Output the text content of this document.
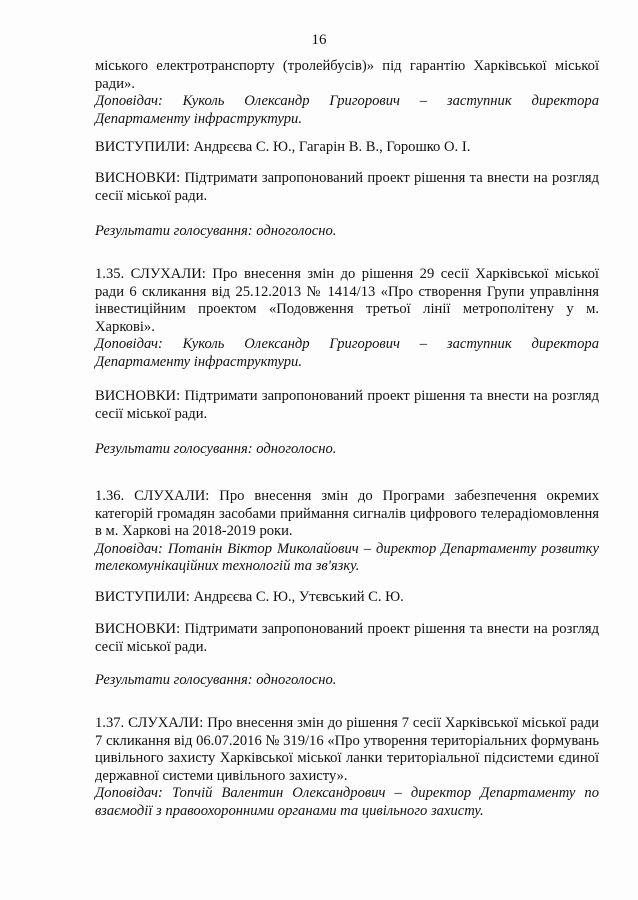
16

міського електротранспорту (тролейбусів)» під гарантію Харківської міської ради».

Доповідач: Куколь Олександр Григорович – заступник директора Департаменту інфраструктури.

ВИСТУПИЛИ: Андрєєва С. Ю., Гагарін В. В., Горошко О. І.

ВИСНОВКИ: Підтримати запропонований проект рішення та внести на розгляд сесії міської ради.

Результати голосування: одноголосно.

1.35. СЛУХАЛИ: Про внесення змін до рішення 29 сесії Харківської міської ради 6 скликання від 25.12.2013 № 1414/13 «Про створення Групи управління інвестиційним проектом «Подовження третьої лінії метрополітену у м. Харкові».

Доповідач: Куколь Олександр Григорович – заступник директора Департаменту інфраструктури.

ВИСНОВКИ: Підтримати запропонований проект рішення та внести на розгляд сесії міської ради.

Результати голосування: одноголосно.

1.36. СЛУХАЛИ: Про внесення змін до Програми забезпечення окремих категорій громадян засобами приймання сигналів цифрового телерадіомовлення в м. Харкові на 2018-2019 роки.

Доповідач: Потанін Віктор Миколайович – директор Департаменту розвитку телекомунікаційних технологій та зв'язку.

ВИСТУПИЛИ: Андрєєва С. Ю., Утєвський С. Ю.

ВИСНОВКИ: Підтримати запропонований проект рішення та внести на розгляд сесії міської ради.

Результати голосування: одноголосно.

1.37. СЛУХАЛИ: Про внесення змін до рішення 7 сесії Харківської міської ради 7 скликання від 06.07.2016 № 319/16 «Про утворення територіальних формувань цивільного захисту Харківської міської ланки територіальної підсистеми єдиної державної системи цивільного захисту».

Доповідач: Топчій Валентин Олександрович – директор Департаменту по взаємодії з правоохоронними органами та цивільного захисту.
